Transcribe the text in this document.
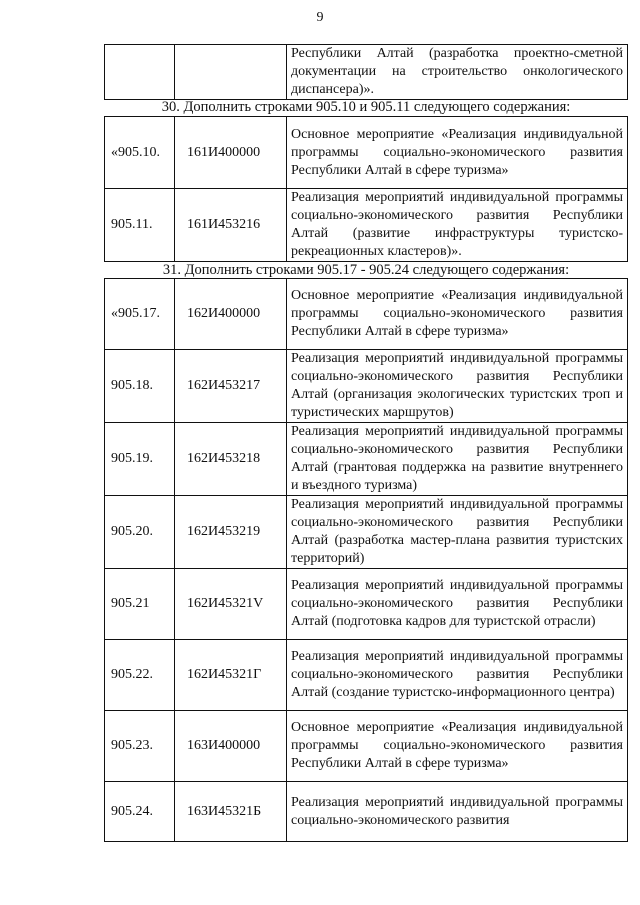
9

Республики Алтай (разработка проектно-сметной документации на строительство онкологического диспансера)».
30. Дополнить строками 905.10 и 905.11 следующего содержания:
«905.10.	161И400000	Основное мероприятие «Реализация индивидуальной программы социально-экономического развития Республики Алтай в сфере туризма»

905.11.	161И453216	Реализация мероприятий индивидуальной программы социально-экономического развития Республики Алтай (развитие инфраструктуры туристско-рекреационных кластеров)».
31. Дополнить строками 905.17 - 905.24 следующего содержания:
«905.17.	162И400000	Основное мероприятие «Реализация индивидуальной программы социально-экономического развития Республики Алтай в сфере туризма»

905.18.	162И453217	Реализация мероприятий индивидуальной программы социально-экономического развития Республики Алтай (организация экологических туристских троп и туристических маршрутов)

905.19.	162И453218	Реализация мероприятий индивидуальной программы социально-экономического развития Республики Алтай (грантовая поддержка на развитие внутреннего и въездного туризма)

905.20.	162И453219	Реализация мероприятий индивидуальной программы социально-экономического развития Республики Алтай (разработка мастер-плана развития туристских территорий)

905.21	162И45321V	Реализация мероприятий индивидуальной программы социально-экономического развития Республики Алтай (подготовка кадров для туристской отрасли)

905.22.	162И45321Г	Реализация мероприятий индивидуальной программы социально-экономического развития Республики Алтай (создание туристско-информационного центра)

905.23.	163И400000	Основное мероприятие «Реализация индивидуальной программы социально-экономического развития Республики Алтай в сфере туризма»

905.24.	163И45321Б	Реализация мероприятий индивидуальной программы социально-экономического развития
